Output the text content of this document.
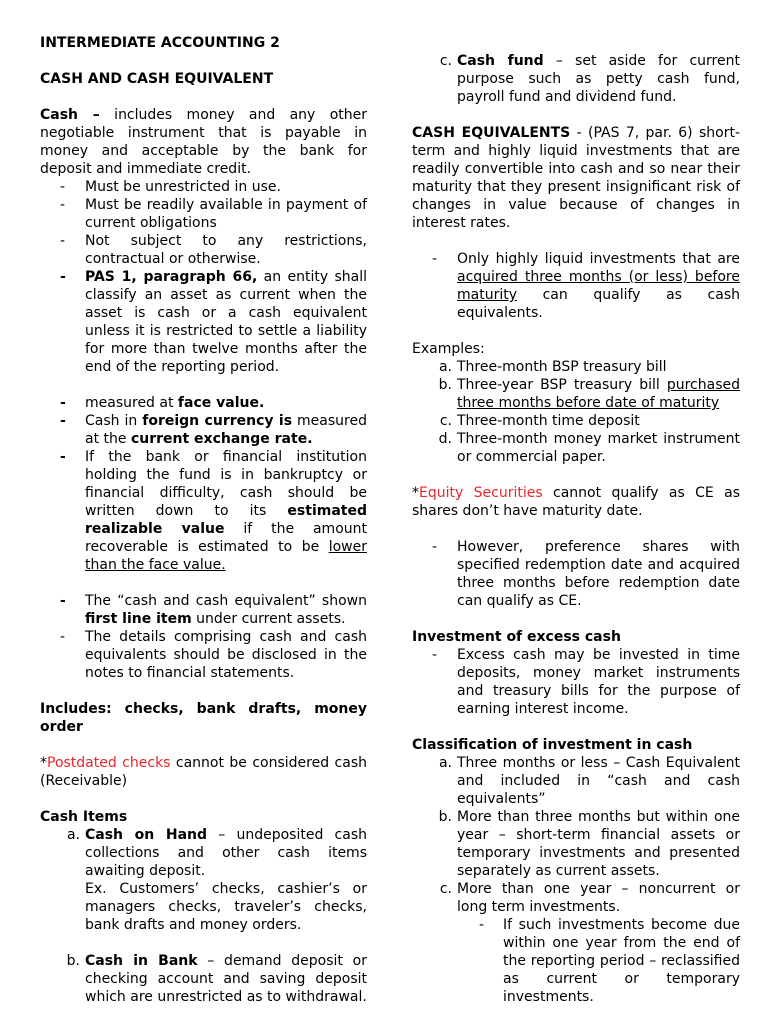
INTERMEDIATE ACCOUNTING 2

CASH AND CASH EQUIVALENT

Cash – includes money and any other negotiable instrument that is payable in money and acceptable by the bank for deposit and immediate credit.

-	Must be unrestricted in use.
-	Must be readily available in payment of current obligations
-	Not subject to any restrictions, contractual or otherwise.
- PAS 1, paragraph 66, an entity shall classify an asset as current when the asset is cash or a cash equivalent unless it is restricted to settle a liability for more than twelve months after the end of the reporting period.
- measured at face value.
- Cash in foreign currency is measured at the current exchange rate.
- If the bank or financial institution holding the fund is in bankruptcy or financial difficulty, cash should be written down to its estimated realizable value if the amount recoverable is estimated to be lower than the face value.
- The “cash and cash equivalent” shown first line item under current assets.
-	The details comprising cash and cash equivalents should be disclosed in the notes to financial statements.

Includes: checks, bank drafts, money order

*Postdated checks cannot be considered cash (Receivable)

Cash Items

a. Cash on Hand – undeposited cash collections and other cash items awaiting deposit.
Ex. Customers’ checks, cashier’s or managers checks, traveler’s checks, bank drafts and money orders.
b. Cash in Bank – demand deposit or checking account and saving deposit which are unrestricted as to withdrawal.
c. Cash fund – set aside for current purpose such as petty cash fund, payroll fund and dividend fund.

CASH EQUIVALENTS - (PAS 7, par. 6) short-term and highly liquid investments that are readily convertible into cash and so near their maturity that they present insignificant risk of changes in value because of changes in interest rates.

-	Only highly liquid investments that are acquired three months (or less) before maturity can qualify as cash equivalents.

Examples:

a. Three-month BSP treasury bill
b. Three-year BSP treasury bill purchased three months before date of maturity
c. Three-month time deposit
d. Three-month money market instrument or commercial paper.

*Equity Securities cannot qualify as CE as shares don’t have maturity date.

-	However, preference shares with specified redemption date and acquired three months before redemption date can qualify as CE.

Investment of excess cash

-	Excess cash may be invested in time deposits, money market instruments and treasury bills for the purpose of earning interest income.

Classification of investment in cash

a. Three months or less – Cash Equivalent and included in “cash and cash equivalents”
b. More than three months but within one year – short-term financial assets or temporary investments and presented separately as current assets.
c. More than one year – noncurrent or long term investments.
-	If such investments become due within one year from the end of the reporting period – reclassified as current or temporary investments.
